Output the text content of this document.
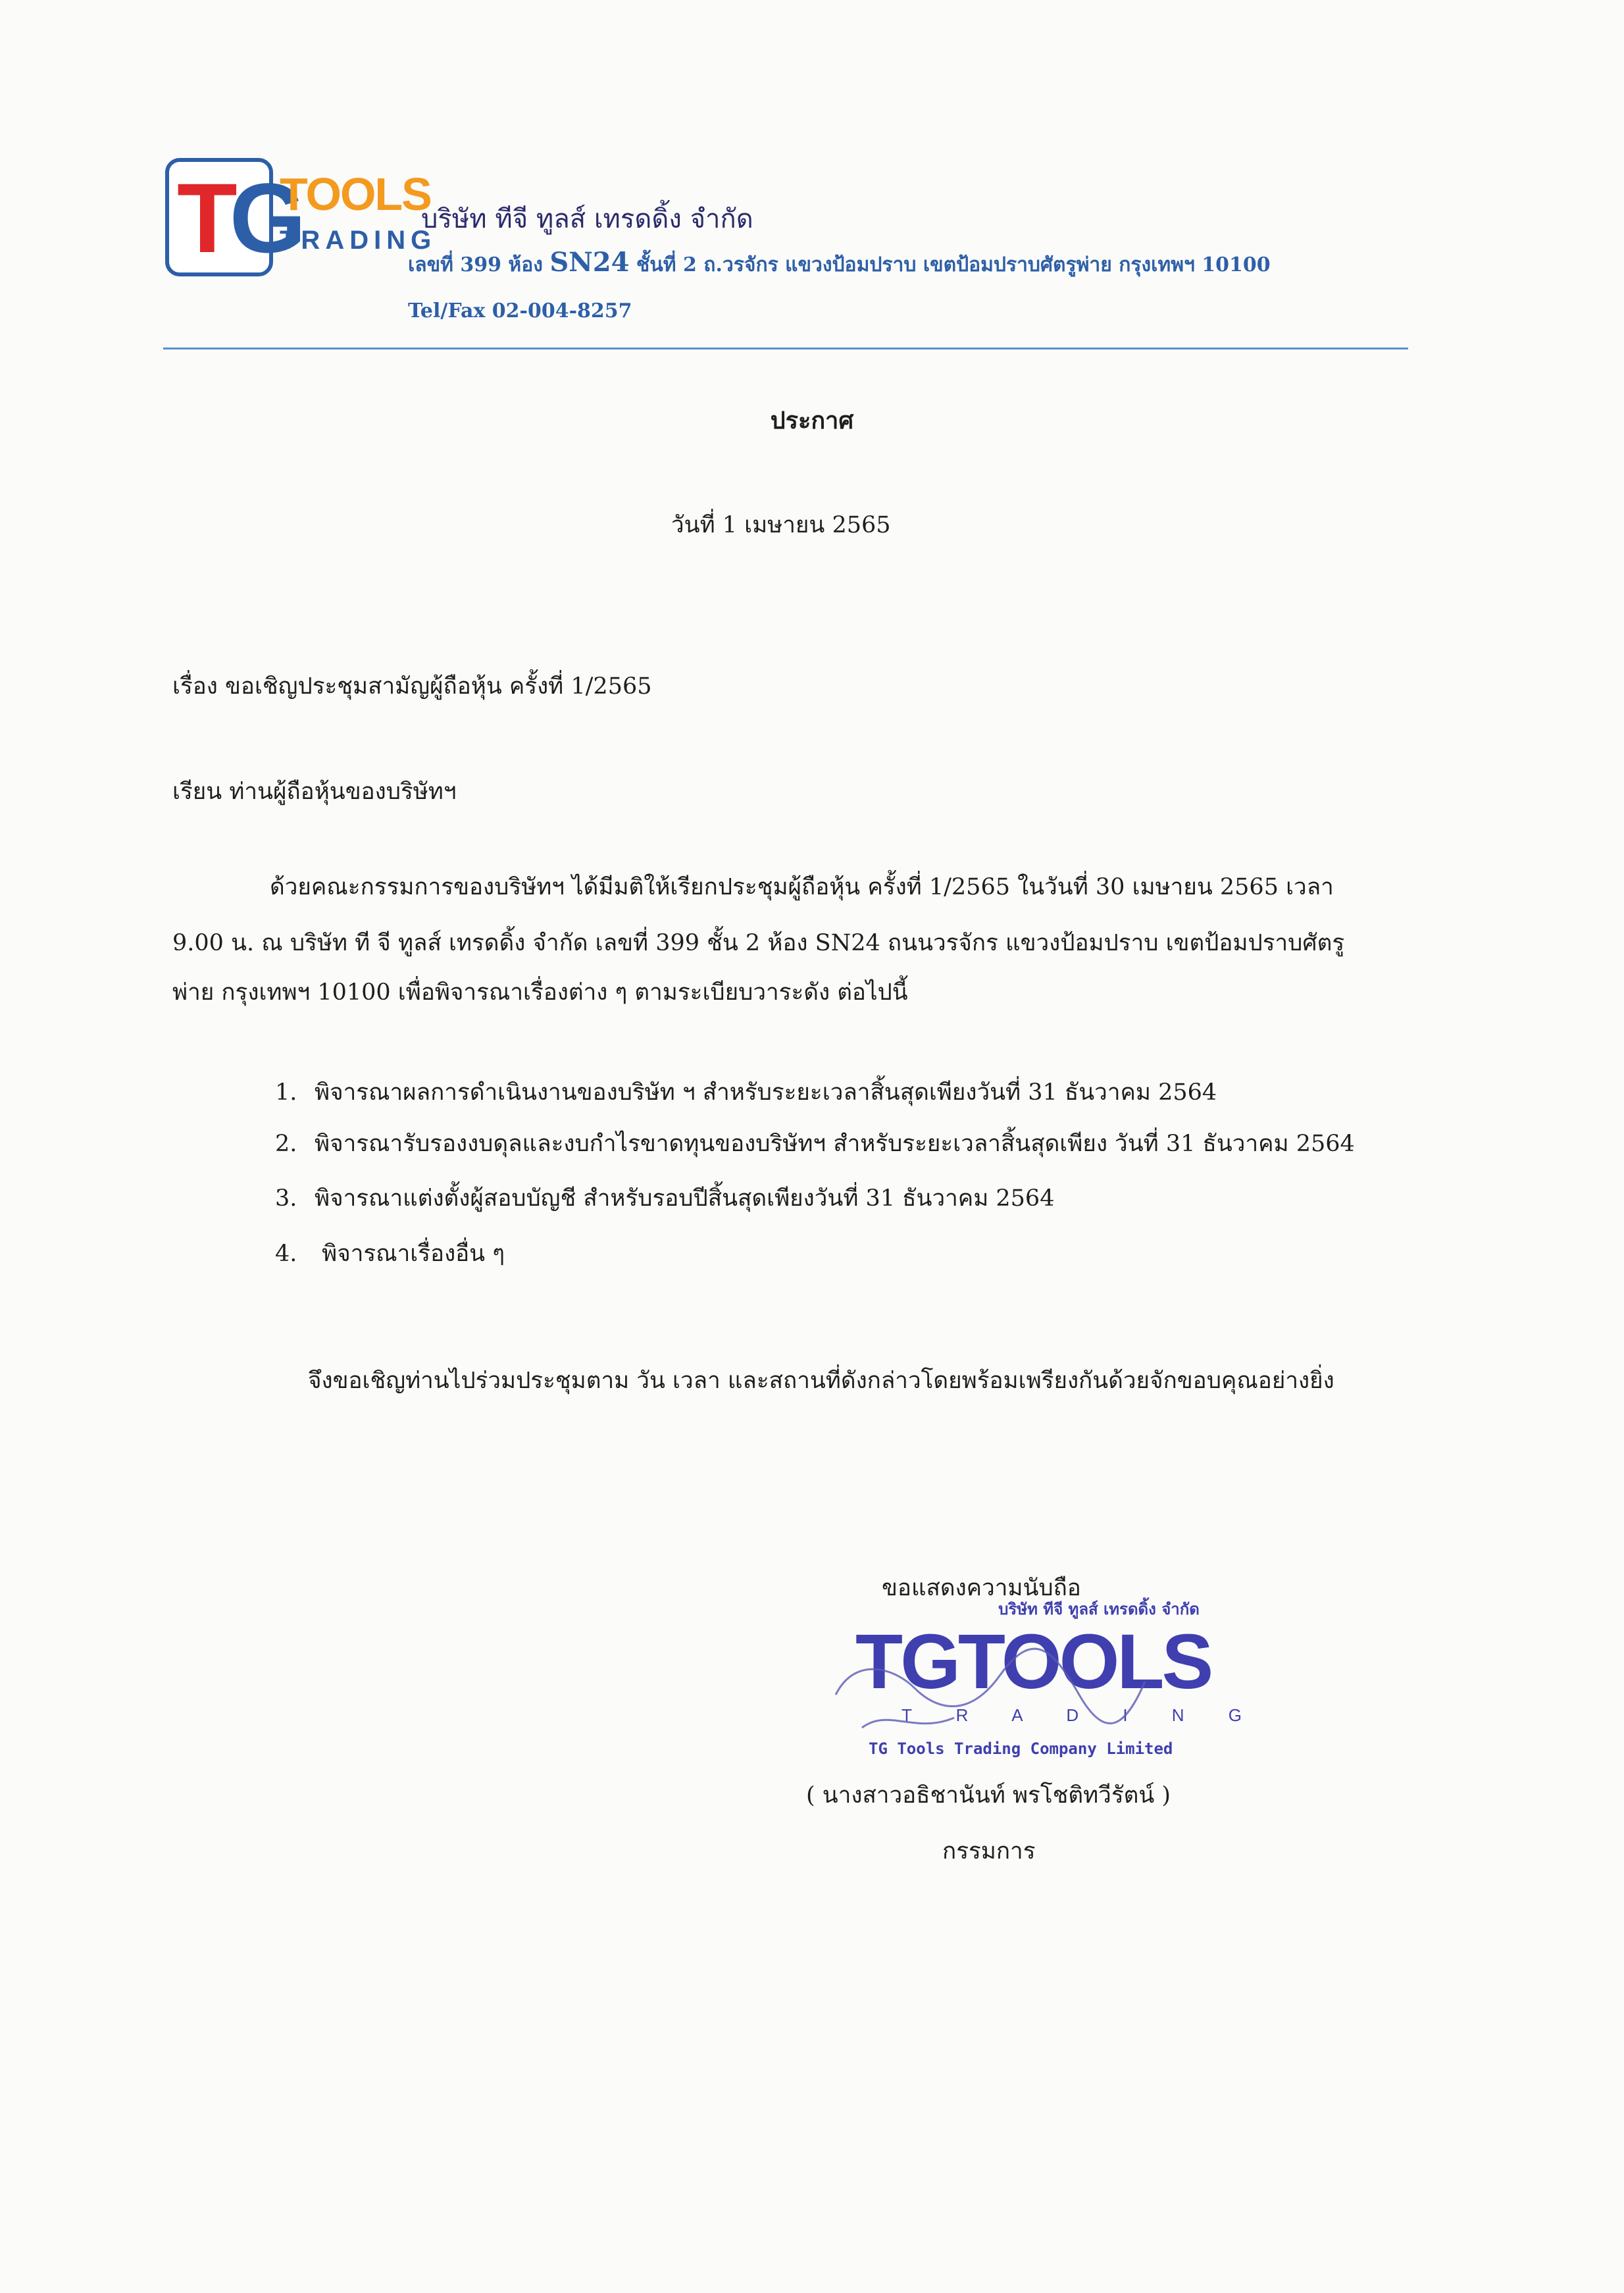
TG
TOOLS
TRADING
บริษัท ทีจี ทูลส์ เทรดดิ้ง จำกัด
เลขที่ 399 ห้อง SN24 ชั้นที่ 2 ถ.วรจักร แขวงป้อมปราบ เขตป้อมปราบศัตรูพ่าย กรุงเทพฯ 10100
Tel/Fax 02-004-8257
ประกาศ
วันที่ 1 เมษายน 2565
เรื่อง ขอเชิญประชุมสามัญผู้ถือหุ้น ครั้งที่ 1/2565
เรียน ท่านผู้ถือหุ้นของบริษัทฯ
ด้วยคณะกรรมการของบริษัทฯ ได้มีมติให้เรียกประชุมผู้ถือหุ้น ครั้งที่ 1/2565 ในวันที่ 30 เมษายน 2565 เวลา
9.00 น. ณ บริษัท ที จี ทูลส์ เทรดดิ้ง จำกัด เลขที่ 399 ชั้น 2 ห้อง SN24 ถนนวรจักร แขวงป้อมปราบ เขตป้อมปราบศัตรู
พ่าย กรุงเทพฯ 10100 เพื่อพิจารณาเรื่องต่าง ๆ ตามระเบียบวาระดัง ต่อไปนี้
1. พิจารณาผลการดำเนินงานของบริษัท ฯ สำหรับระยะเวลาสิ้นสุดเพียงวันที่ 31 ธันวาคม 2564
2. พิจารณารับรองงบดุลและงบกำไรขาดทุนของบริษัทฯ สำหรับระยะเวลาสิ้นสุดเพียง วันที่ 31 ธันวาคม 2564
3. พิจารณาแต่งตั้งผู้สอบบัญชี สำหรับรอบปีสิ้นสุดเพียงวันที่ 31 ธันวาคม 2564
4. พิจารณาเรื่องอื่น ๆ
จึงขอเชิญท่านไปร่วมประชุมตาม วัน เวลา และสถานที่ดังกล่าวโดยพร้อมเพรียงกันด้วยจักขอบคุณอย่างยิ่ง
ขอแสดงความนับถือ
บริษัท ทีจี ทูลส์ เทรดดิ้ง จำกัด
TGTOOLS
T R A D I N G
TG Tools Trading Company Limited
( นางสาวอธิชานันท์ พรโชติทวีรัตน์ )
กรรมการ
